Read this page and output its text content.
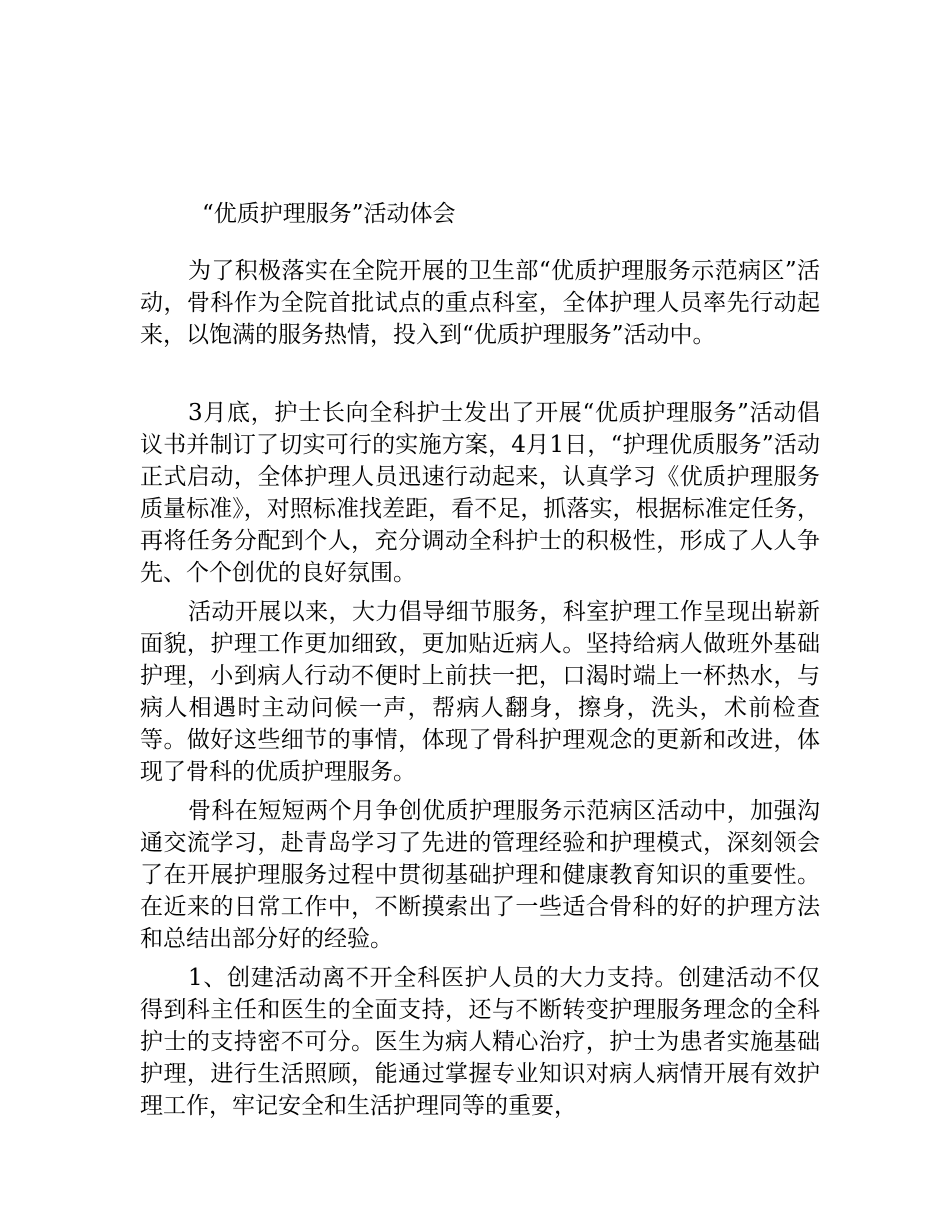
“优质护理服务”活动体会

为了积极落实在全院开展的卫生部“优质护理服务示范病区”活动，骨科作为全院首批试点的重点科室，全体护理人员率先行动起来，以饱满的服务热情，投入到“优质护理服务”活动中。

3月底，护士长向全科护士发出了开展“优质护理服务”活动倡议书并制订了切实可行的实施方案，4月1日，“护理优质服务”活动正式启动，全体护理人员迅速行动起来，认真学习《优质护理服务质量标准》，对照标准找差距，看不足，抓落实，根据标准定任务，再将任务分配到个人，充分调动全科护士的积极性，形成了人人争先、个个创优的良好氛围。

活动开展以来，大力倡导细节服务，科室护理工作呈现出崭新面貌，护理工作更加细致，更加贴近病人。坚持给病人做班外基础护理，小到病人行动不便时上前扶一把，口渴时端上一杯热水，与病人相遇时主动问候一声，帮病人翻身，擦身，洗头，术前检查等。做好这些细节的事情，体现了骨科护理观念的更新和改进，体现了骨科的优质护理服务。

骨科在短短两个月争创优质护理服务示范病区活动中，加强沟通交流学习，赴青岛学习了先进的管理经验和护理模式，深刻领会了在开展护理服务过程中贯彻基础护理和健康教育知识的重要性。在近来的日常工作中，不断摸索出了一些适合骨科的好的护理方法和总结出部分好的经验。

1、创建活动离不开全科医护人员的大力支持。创建活动不仅得到科主任和医生的全面支持，还与不断转变护理服务理念的全科护士的支持密不可分。医生为病人精心治疗，护士为患者实施基础护理，进行生活照顾，能通过掌握专业知识对病人病情开展有效护理工作，牢记安全和生活护理同等的重要，
